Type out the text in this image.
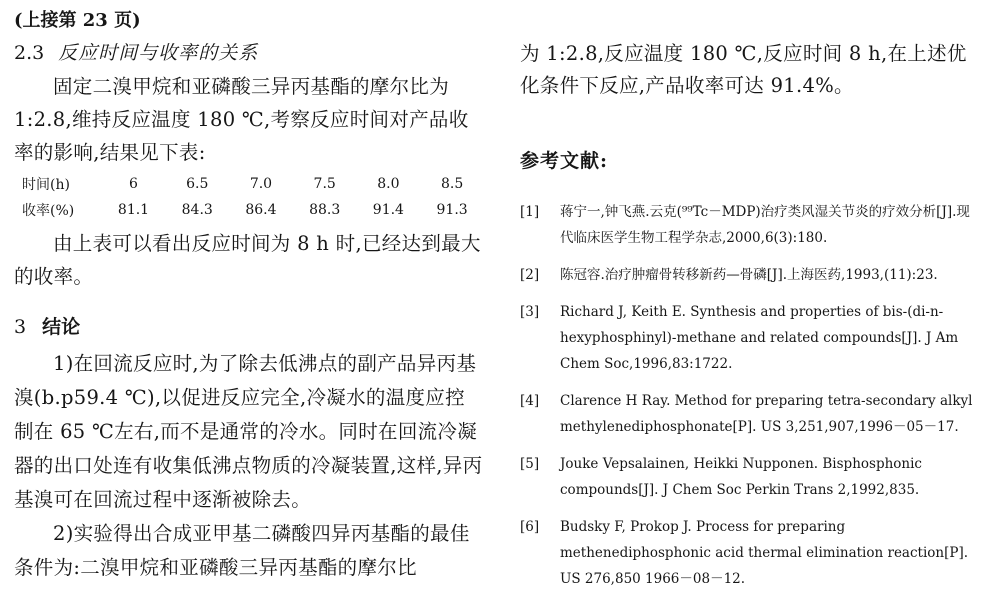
(上接第 23 页)
2.3 反应时间与收率的关系

固定二溴甲烷和亚磷酸三异丙基酯的摩尔比为1:2.8,维持反应温度 180 ℃,考察反应时间对产品收率的影响,结果见下表:

时间(h)	6	6.5	7.0	7.5	8.0	8.5
收率(%)	81.1	84.3	86.4	88.3	91.4	91.3

由上表可以看出反应时间为 8 h 时,已经达到最大的收率。

3 结论

1)在回流反应时,为了除去低沸点的副产品异丙基溴(b.p59.4 ℃),以促进反应完全,冷凝水的温度应控制在 65 ℃左右,而不是通常的冷水。同时在回流冷凝器的出口处连有收集低沸点物质的冷凝装置,这样,异丙基溴可在回流过程中逐渐被除去。

2)实验得出合成亚甲基二磷酸四异丙基酯的最佳条件为:二溴甲烷和亚磷酸三异丙基酯的摩尔比

为 1:2.8,反应温度 180 ℃,反应时间 8 h,在上述优化条件下反应,产品收率可达 91.4%。

参考文献:
[1]	蒋宁一,钟飞燕.云克(⁹⁹Tc－MDP)治疗类风湿关节炎的疗效分析[J].现代临床医学生物工程学杂志,2000,6(3):180.
[2]	陈冠容.治疗肿瘤骨转移新药—骨磷[J].上海医药,1993,(11):23.
[3]	Richard J, Keith E. Synthesis and properties of bis-(di-n-hexyphosphinyl)-methane and related compounds[J]. J Am Chem Soc,1996,83:1722.
[4]	Clarence H Ray. Method for preparing tetra-secondary alkyl methylenediphosphonate[P]. US 3,251,907,1996－05－17.
[5]	Jouke Vepsalainen, Heikki Nupponen. Bisphosphonic compounds[J]. J Chem Soc Perkin Trans 2,1992,835.
[6]	Budsky F, Prokop J. Process for preparing methenediphosphonic acid thermal elimination reaction[P]. US 276,850 1966－08－12.
